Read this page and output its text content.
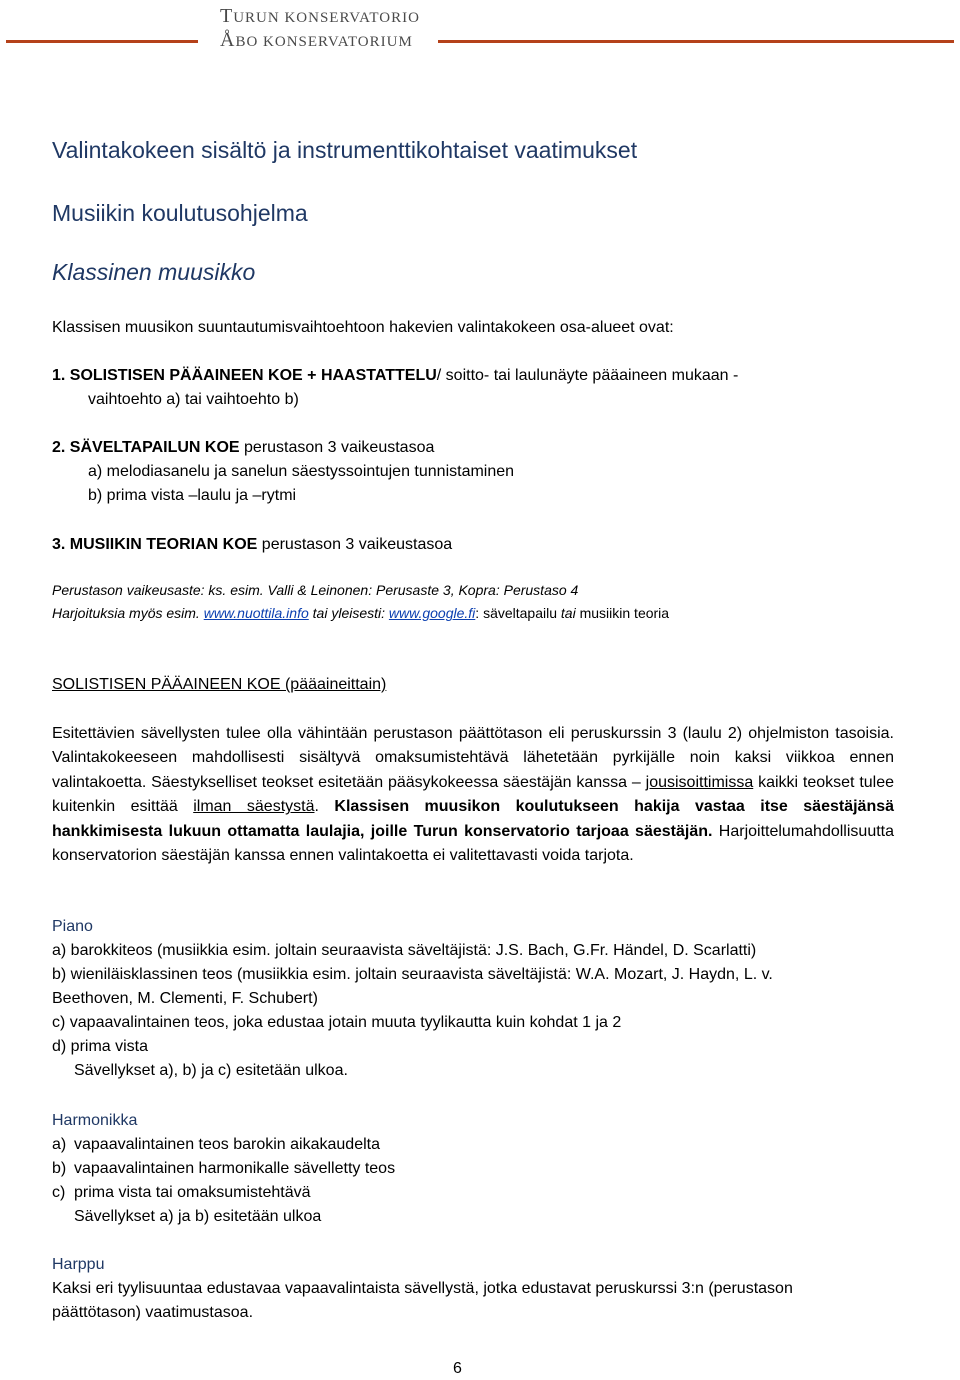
TURUN KONSERVATORIO
ÅBO KONSERVATORIUM
Valintakokeen sisältö ja instrumenttikohtaiset vaatimukset
Musiikin koulutusohjelma
Klassinen muusikko
Klassisen muusikon suuntautumisvaihtoehtoon hakevien valintakokeen osa-alueet ovat:
1. SOLISTISEN PÄÄAINEEN KOE + HAASTATTELU/ soitto- tai laulunäyte pääaineen mukaan -
vaihtoehto a) tai vaihtoehto b)
2. SÄVELTAPAILUN KOE perustason 3 vaikeustasoa
a) melodiasanelu ja sanelun säestyssointujen tunnistaminen
b) prima vista –laulu ja –rytmi
3. MUSIIKIN TEORIAN KOE perustason 3 vaikeustasoa
Perustason vaikeusaste: ks. esim. Valli & Leinonen: Perusaste 3, Kopra: Perustaso 4
Harjoituksia myös esim. www.nuottila.info tai yleisesti: www.google.fi: säveltapailu tai musiikin teoria
SOLISTISEN PÄÄAINEEN KOE (pääaineittain)
Esitettävien sävellysten tulee olla vähintään perustason päättötason eli peruskurssin 3 (laulu 2) ohjelmiston tasoisia. Valintakokeeseen mahdollisesti sisältyvä omaksumistehtävä lähetetään pyrkijälle noin kaksi viikkoa ennen valintakoetta. Säestykselliset teokset esitetään pääsykokeessa säestäjän kanssa – jousisoittimissa kaikki teokset tulee kuitenkin esittää ilman säestystä. Klassisen muusikon koulutukseen hakija vastaa itse säestäjänsä hankkimisesta lukuun ottamatta laulajia, joille Turun konservatorio tarjoaa säestäjän. Harjoittelumahdollisuutta konservatorion säestäjän kanssa ennen valintakoetta ei valitettavasti voida tarjota.
Piano
a) barokkiteos (musiikkia esim. joltain seuraavista säveltäjistä: J.S. Bach, G.Fr. Händel, D. Scarlatti)
b) wieniläisklassinen teos (musiikkia esim. joltain seuraavista säveltäjistä: W.A. Mozart, J. Haydn, L. v.
Beethoven, M. Clementi, F. Schubert)
c) vapaavalintainen teos, joka edustaa jotain muuta tyylikautta kuin kohdat 1 ja 2
d) prima vista
Sävellykset a), b) ja c) esitetään ulkoa.
Harmonikka
a) vapaavalintainen teos barokin aikakaudelta
b) vapaavalintainen harmonikalle sävelletty teos
c) prima vista tai omaksumistehtävä
Sävellykset a) ja b) esitetään ulkoa
Harppu
Kaksi eri tyylisuuntaa edustavaa vapaavalintaista sävellystä, jotka edustavat peruskurssi 3:n (perustason
päättötason) vaatimustasoa.
6
